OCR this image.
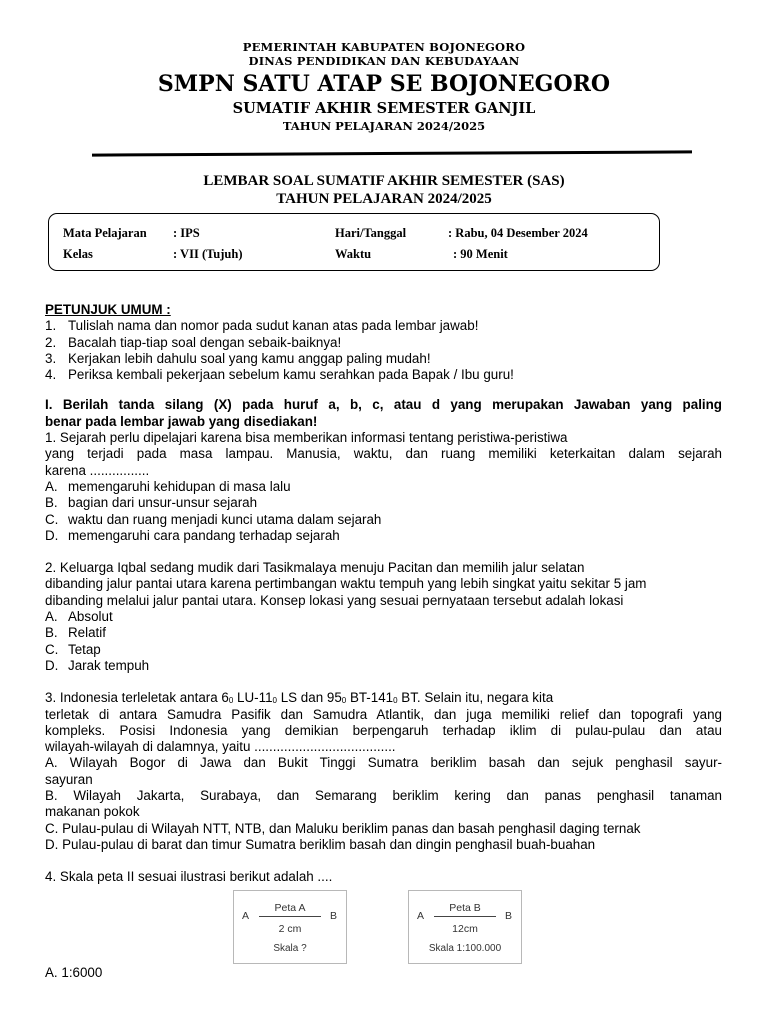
PEMERINTAH KABUPATEN BOJONEGORO
DINAS PENDIDIKAN DAN KEBUDAYAAN
SMPN SATU ATAP SE BOJONEGORO
SUMATIF AKHIR SEMESTER GANJIL
TAHUN PELAJARAN 2024/2025
LEMBAR SOAL SUMATIF AKHIR SEMESTER (SAS)
TAHUN PELAJARAN 2024/2025
Mata Pelajaran : IPS	Hari/Tanggal	: Rabu, 04 Desember 2024
Kelas	: VII (Tujuh)	Waktu	: 90 Menit

PETUNJUK UMUM :

1. Tulislah nama dan nomor pada sudut kanan atas pada lembar jawab!
2. Bacalah tiap-tiap soal dengan sebaik-baiknya!
3. Kerjakan lebih dahulu soal yang kamu anggap paling mudah!
4. Periksa kembali pekerjaan sebelum kamu serahkan pada Bapak / Ibu guru!

I. Berilah tanda silang (X) pada huruf a, b, c, atau d yang merupakan Jawaban yang paling

benar pada lembar jawab yang disediakan!

1. Sejarah perlu dipelajari karena bisa memberikan informasi tentang peristiwa-peristiwa

yang terjadi pada masa lampau. Manusia, waktu, dan ruang memiliki keterkaitan dalam sejarah

karena ................

A. memengaruhi kehidupan di masa lalu
B. bagian dari unsur-unsur sejarah
C. waktu dan ruang menjadi kunci utama dalam sejarah
D. memengaruhi cara pandang terhadap sejarah

2. Keluarga Iqbal sedang mudik dari Tasikmalaya menuju Pacitan dan memilih jalur selatan

dibanding jalur pantai utara karena pertimbangan waktu tempuh yang lebih singkat yaitu sekitar 5 jam

dibanding melalui jalur pantai utara. Konsep lokasi yang sesuai pernyataan tersebut adalah lokasi

A. Absolut
B. Relatif
C. Tetap
D. Jarak tempuh

3. Indonesia terleletak antara $6_0$ $LU-11_0$ LS dan $95_0$ $BT-141_0$ BT. Selain itu, negara kita

terletak di antara Samudra Pasifik dan Samudra Atlantik, dan juga memiliki relief dan topografi yang

kompleks. Posisi Indonesia yang demikian berpengaruh terhadap iklim di pulau-pulau dan atau

wilayah-wilayah di dalamnya, yaitu ......................................

A. Wilayah Bogor di Jawa dan Bukit Tinggi Sumatra beriklim basah dan sejuk penghasil sayur-

sayuran

B. Wilayah Jakarta, Surabaya, dan Semarang beriklim kering dan panas penghasil tanaman

makanan pokok

C. Pulau-pulau di Wilayah NTT, NTB, dan Maluku beriklim panas dan basah penghasil daging ternak

D. Pulau-pulau di barat dan timur Sumatra beriklim basah dan dingin penghasil buah-buahan

4. Skala peta II sesuai ilustrasi berikut adalah ....

A	B
Peta A
2 cm
Skala ?
A	B
Peta B
12cm
Skala 1:100.000
A. 1:6000
